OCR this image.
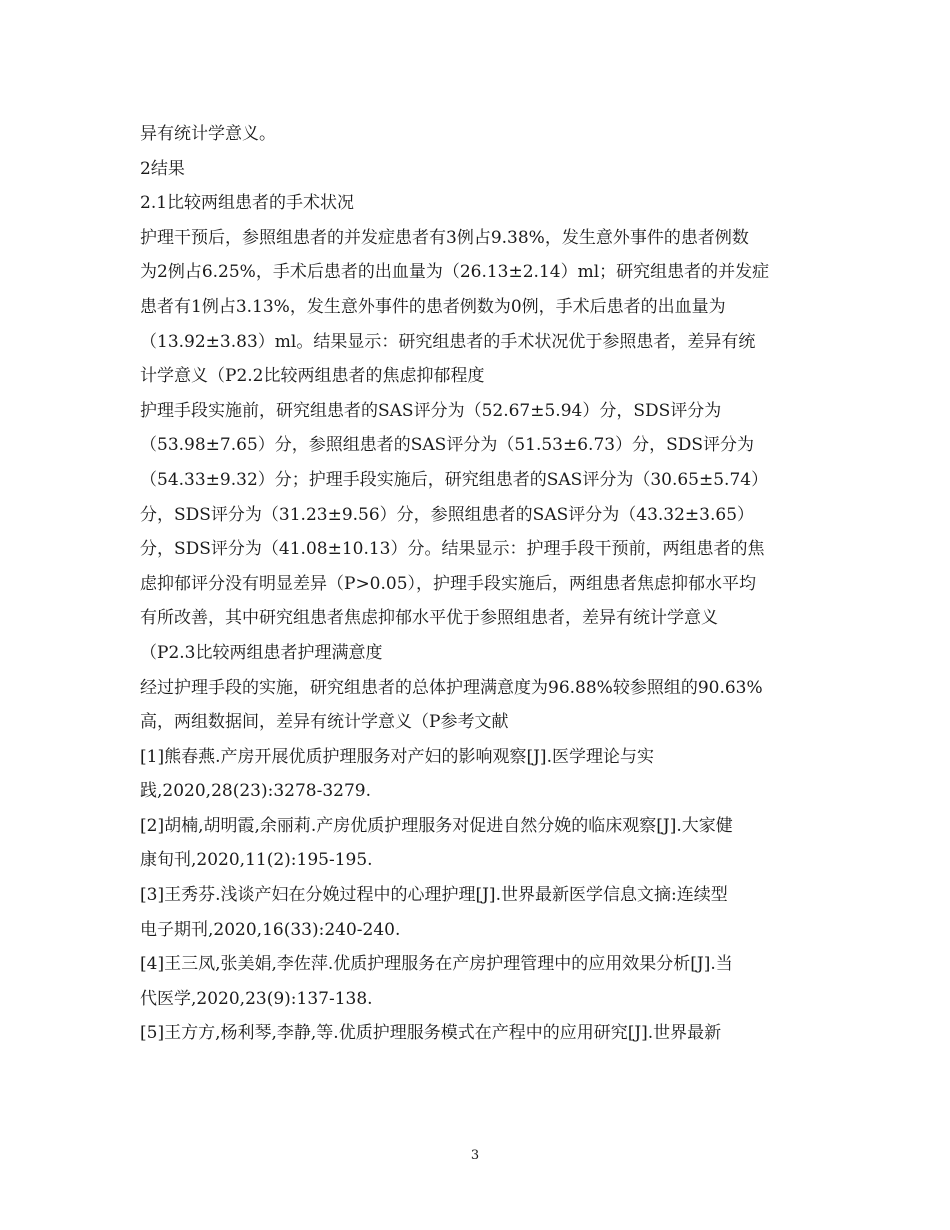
异有统计学意义。
2结果
2.1比较两组患者的手术状况
护理干预后，参照组患者的并发症患者有3例占9.38%，发生意外事件的患者例数
为2例占6.25%，手术后患者的出血量为（26.13±2.14）ml；研究组患者的并发症
患者有1例占3.13%，发生意外事件的患者例数为0例，手术后患者的出血量为
（13.92±3.83）ml。结果显示：研究组患者的手术状况优于参照患者，差异有统
计学意义（P2.2比较两组患者的焦虑抑郁程度
护理手段实施前，研究组患者的SAS评分为（52.67±5.94）分，SDS评分为
（53.98±7.65）分，参照组患者的SAS评分为（51.53±6.73）分，SDS评分为
（54.33±9.32）分；护理手段实施后，研究组患者的SAS评分为（30.65±5.74）
分，SDS评分为（31.23±9.56）分，参照组患者的SAS评分为（43.32±3.65）
分，SDS评分为（41.08±10.13）分。结果显示：护理手段干预前，两组患者的焦
虑抑郁评分没有明显差异（P>0.05），护理手段实施后，两组患者焦虑抑郁水平均
有所改善，其中研究组患者焦虑抑郁水平优于参照组患者，差异有统计学意义
（P2.3比较两组患者护理满意度
经过护理手段的实施，研究组患者的总体护理满意度为96.88%较参照组的90.63%
高，两组数据间，差异有统计学意义（P参考文献
[1]熊春燕.产房开展优质护理服务对产妇的影响观察[J].医学理论与实
践,2020,28(23):3278-3279.
[2]胡楠,胡明霞,余丽莉.产房优质护理服务对促进自然分娩的临床观察[J].大家健
康旬刊,2020,11(2):195-195.
[3]王秀芬.浅谈产妇在分娩过程中的心理护理[J].世界最新医学信息文摘:连续型
电子期刊,2020,16(33):240-240.
[4]王三凤,张美娟,李佐萍.优质护理服务在产房护理管理中的应用效果分析[J].当
代医学,2020,23(9):137-138.
[5]王方方,杨利琴,李静,等.优质护理服务模式在产程中的应用研究[J].世界最新
3
